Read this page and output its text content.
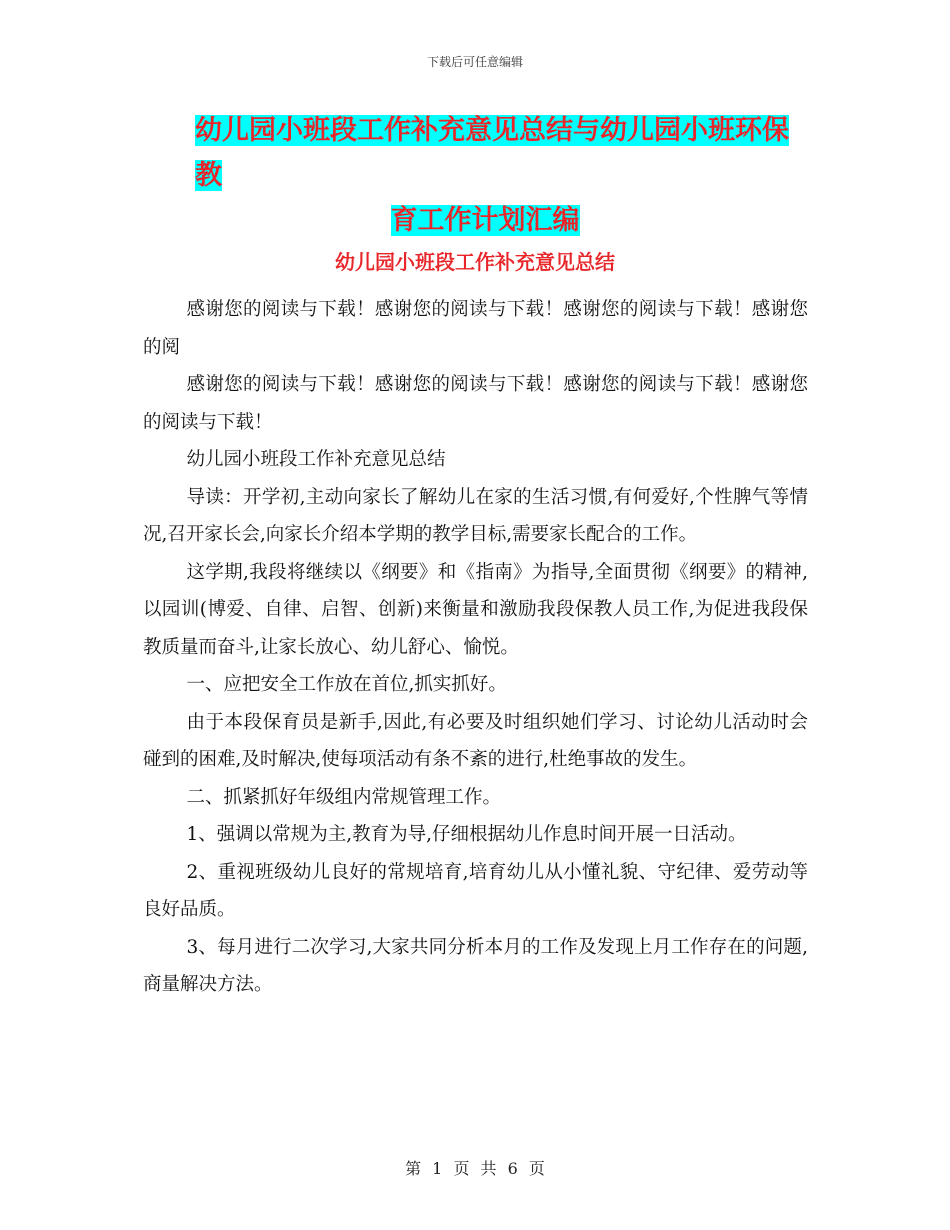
下载后可任意编辑
幼儿园小班段工作补充意见总结与幼儿园小班环保教
育工作计划汇编
幼儿园小班段工作补充意见总结

感谢您的阅读与下载！感谢您的阅读与下载！感谢您的阅读与下载！感谢您的阅

感谢您的阅读与下载！感谢您的阅读与下载！感谢您的阅读与下载！感谢您的阅读与下载！

幼儿园小班段工作补充意见总结

导读：开学初,主动向家长了解幼儿在家的生活习惯,有何爱好,个性脾气等情况,召开家长会,向家长介绍本学期的教学目标,需要家长配合的工作。

这学期,我段将继续以《纲要》和《指南》为指导,全面贯彻《纲要》的精神,以园训(博爱、自律、启智、创新)来衡量和激励我段保教人员工作,为促进我段保教质量而奋斗,让家长放心、幼儿舒心、愉悦。

一、应把安全工作放在首位,抓实抓好。

由于本段保育员是新手,因此,有必要及时组织她们学习、讨论幼儿活动时会碰到的困难,及时解决,使每项活动有条不紊的进行,杜绝事故的发生。

二、抓紧抓好年级组内常规管理工作。

1、强调以常规为主,教育为导,仔细根据幼儿作息时间开展一日活动。

2、重视班级幼儿良好的常规培育,培育幼儿从小懂礼貌、守纪律、爱劳动等良好品质。

3、每月进行二次学习,大家共同分析本月的工作及发现上月工作存在的问题,商量解决方法。

第 1 页 共 6 页
